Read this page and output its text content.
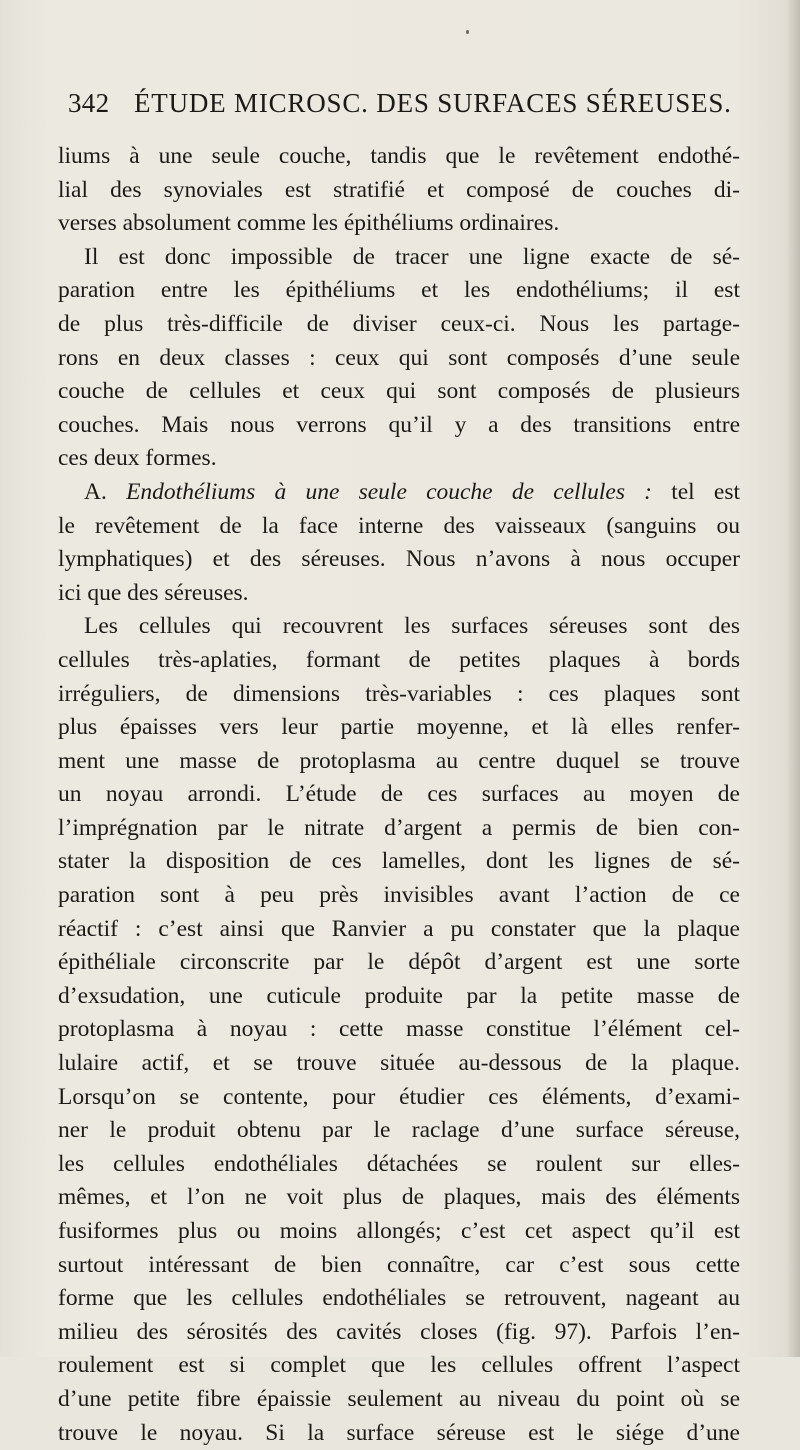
342 ÉTUDE MICROSC. DES SURFACES SÉREUSES.
liums à une seule couche, tandis que le revêtement endothé-
lial des synoviales est stratifié et composé de couches di-
verses absolument comme les épithéliums ordinaires.
Il est donc impossible de tracer une ligne exacte de sé-
paration entre les épithéliums et les endothéliums; il est
de plus très-difficile de diviser ceux-ci. Nous les partage-
rons en deux classes : ceux qui sont composés d’une seule
couche de cellules et ceux qui sont composés de plusieurs
couches. Mais nous verrons qu’il y a des transitions entre
ces deux formes.
A. Endothéliums à une seule couche de cellules : tel est
le revêtement de la face interne des vaisseaux (sanguins ou
lymphatiques) et des séreuses. Nous n’avons à nous occuper
ici que des séreuses.
Les cellules qui recouvrent les surfaces séreuses sont des
cellules très-aplaties, formant de petites plaques à bords
irréguliers, de dimensions très-variables : ces plaques sont
plus épaisses vers leur partie moyenne, et là elles renfer-
ment une masse de protoplasma au centre duquel se trouve
un noyau arrondi. L’étude de ces surfaces au moyen de
l’imprégnation par le nitrate d’argent a permis de bien con-
stater la disposition de ces lamelles, dont les lignes de sé-
paration sont à peu près invisibles avant l’action de ce
réactif : c’est ainsi que Ranvier a pu constater que la plaque
épithéliale circonscrite par le dépôt d’argent est une sorte
d’exsudation, une cuticule produite par la petite masse de
protoplasma à noyau : cette masse constitue l’élément cel-
lulaire actif, et se trouve située au-dessous de la plaque.
Lorsqu’on se contente, pour étudier ces éléments, d’exami-
ner le produit obtenu par le raclage d’une surface séreuse,
les cellules endothéliales détachées se roulent sur elles-
mêmes, et l’on ne voit plus de plaques, mais des éléments
fusiformes plus ou moins allongés; c’est cet aspect qu’il est
surtout intéressant de bien connaître, car c’est sous cette
forme que les cellules endothéliales se retrouvent, nageant au
milieu des sérosités des cavités closes (fig. 97). Parfois l’en-
roulement est si complet que les cellules offrent l’aspect
d’une petite fibre épaissie seulement au niveau du point où se
trouve le noyau. Si la surface séreuse est le siége d’une
